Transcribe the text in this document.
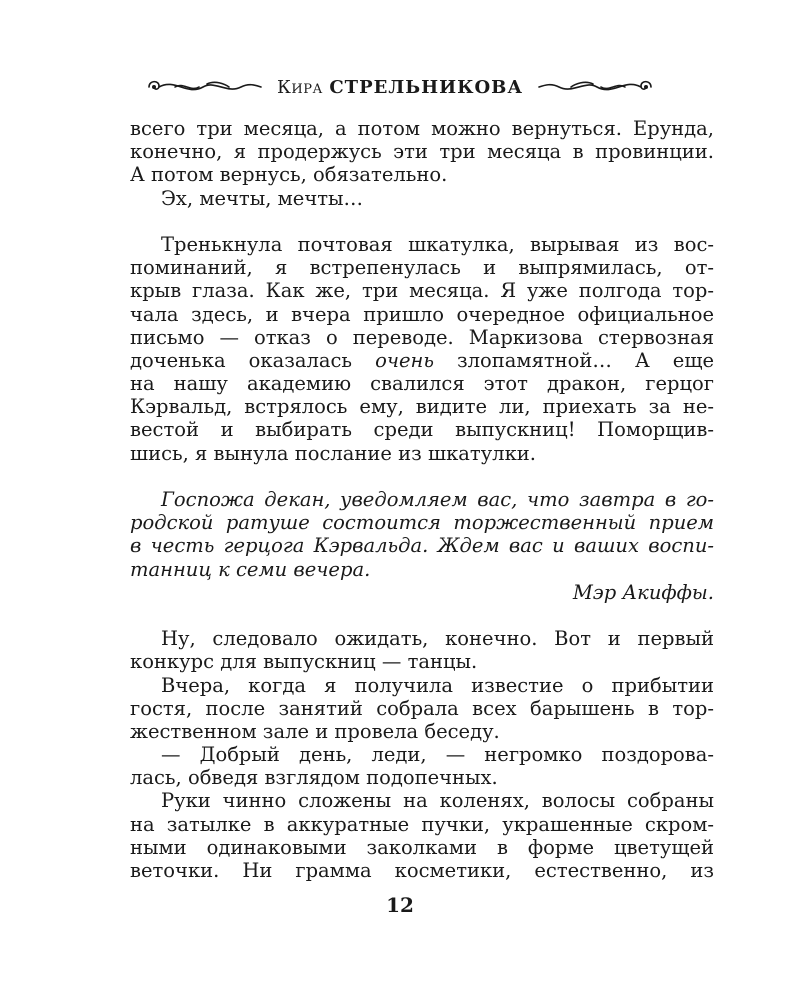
Кира СТРЕЛЬНИКОВА
всего три месяца, а потом можно вернуться. Ерунда,
конечно, я продержусь эти три месяца в провинции.
А потом вернусь, обязательно.
Эх, мечты, мечты…
Тренькнула почтовая шкатулка, вырывая из вос-
поминаний, я встрепенулась и выпрямилась, от-
крыв глаза. Как же, три месяца. Я уже полгода тор-
чала здесь, и вчера пришло очередное официальное
письмо — отказ о переводе. Маркизова стервозная
доченька оказалась очень злопамятной… А еще
на нашу академию свалился этот дракон, герцог
Кэрвальд, встрялось ему, видите ли, приехать за не-
вестой и выбирать среди выпускниц! Поморщив-
шись, я вынула послание из шкатулки.
Госпожа декан, уведомляем вас, что завтра в го-
родской ратуше состоится торжественный прием
в честь герцога Кэрвальда. Ждем вас и ваших воспи-
танниц к семи вечера.
Мэр Акиффы.
Ну, следовало ожидать, конечно. Вот и первый
конкурс для выпускниц — танцы.
Вчера, когда я получила известие о прибытии
гостя, после занятий собрала всех барышень в тор-
жественном зале и провела беседу.
— Добрый день, леди, — негромко поздорова-
лась, обведя взглядом подопечных.
Руки чинно сложены на коленях, волосы собраны
на затылке в аккуратные пучки, украшенные скром-
ными одинаковыми заколками в форме цветущей
веточки. Ни грамма косметики, естественно, из
12
